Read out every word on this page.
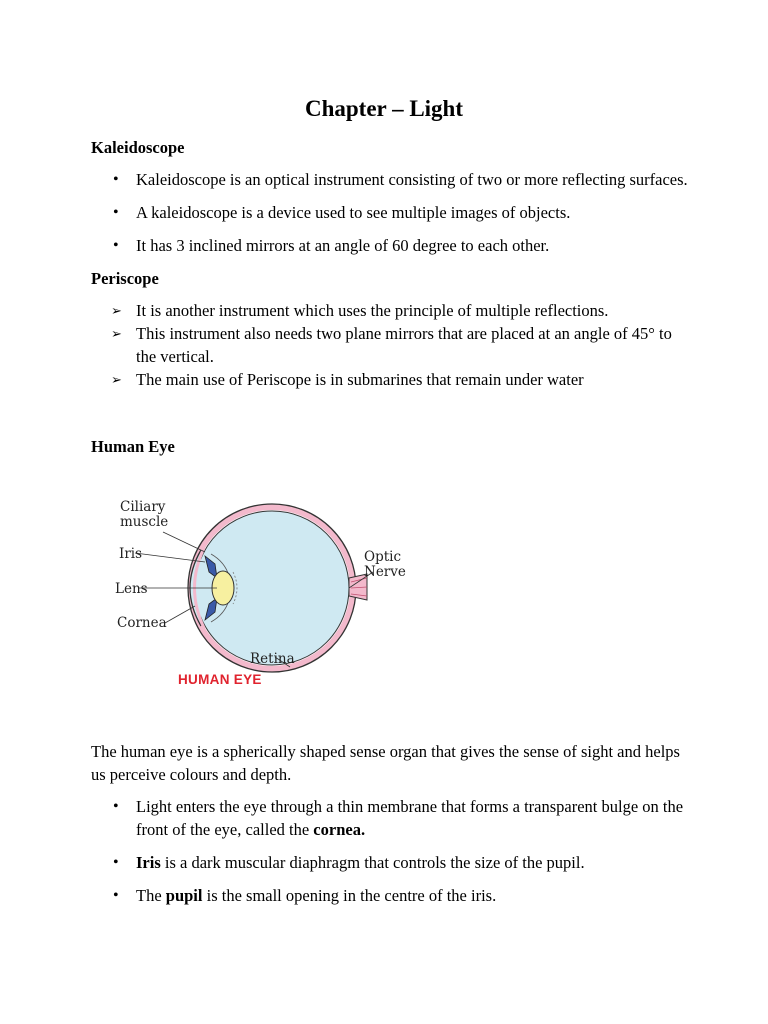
Chapter – Light
Kaleidoscope
• Kaleidoscope is an optical instrument consisting of two or more reflecting surfaces.
• A kaleidoscope is a device used to see multiple images of objects.
• It has 3 inclined mirrors at an angle of 60 degree to each other.
Periscope
➢ It is another instrument which uses the principle of multiple reflections.
➢ This instrument also needs two plane mirrors that are placed at an angle of 45° to the vertical.
➢ The main use of Periscope is in submarines that remain under water
Human Eye
Ciliary
muscle
Iris
Lens
Cornea
Optic
Nerve
Retina
HUMAN EYE
The human eye is a spherically shaped sense organ that gives the sense of sight and helps us perceive colours and depth.
• Light enters the eye through a thin membrane that forms a transparent bulge on the front of the eye, called the cornea.
• Iris is a dark muscular diaphragm that controls the size of the pupil.
• The pupil is the small opening in the centre of the iris.
